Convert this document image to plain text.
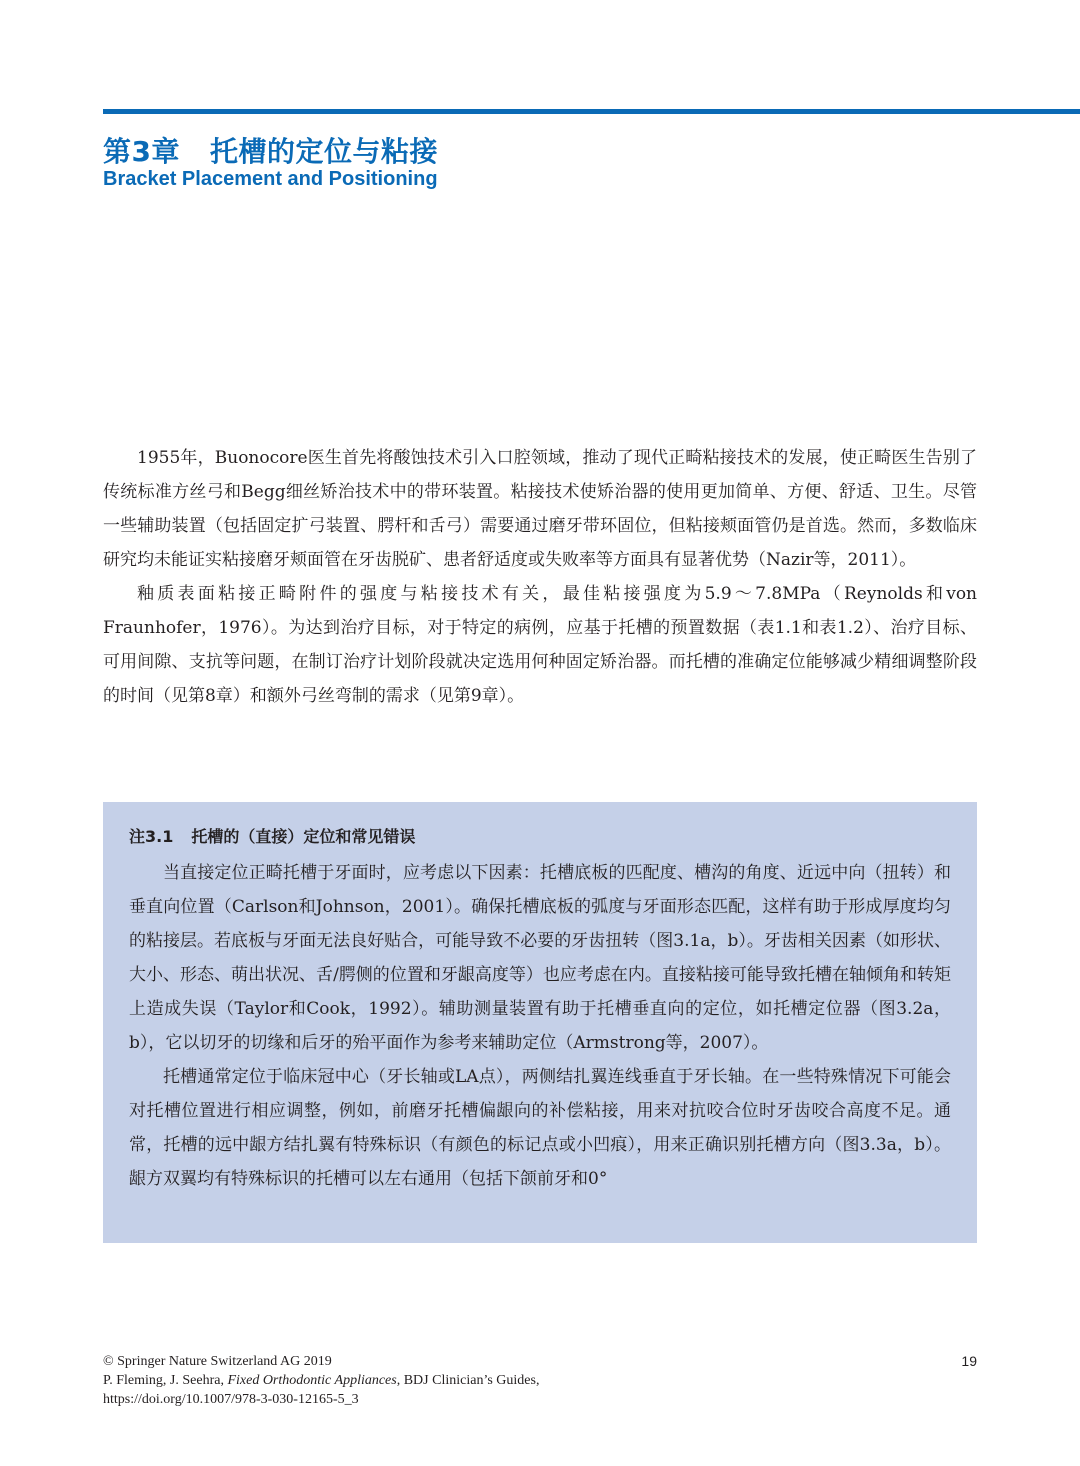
第3章 托槽的定位与粘接
Bracket Placement and Positioning

1955年，Buonocore医生首先将酸蚀技术引入口腔领域，推动了现代正畸粘接技术的发展，使正畸医生告别了传统标准方丝弓和Begg细丝矫治技术中的带环装置。粘接技术使矫治器的使用更加简单、方便、舒适、卫生。尽管一些辅助装置（包括固定扩弓装置、腭杆和舌弓）需要通过磨牙带环固位，但粘接颊面管仍是首选。然而，多数临床研究均未能证实粘接磨牙颊面管在牙齿脱矿、患者舒适度或失败率等方面具有显著优势（Nazir等，2011）。

釉质表面粘接正畸附件的强度与粘接技术有关，最佳粘接强度为5.9～7.8MPa（Reynolds和von Fraunhofer，1976）。为达到治疗目标，对于特定的病例，应基于托槽的预置数据（表1.1和表1.2）、治疗目标、可用间隙、支抗等问题，在制订治疗计划阶段就决定选用何种固定矫治器。而托槽的准确定位能够减少精细调整阶段的时间（见第8章）和额外弓丝弯制的需求（见第9章）。

注3.1 托槽的（直接）定位和常见错误

当直接定位正畸托槽于牙面时，应考虑以下因素：托槽底板的匹配度、槽沟的角度、近远中向（扭转）和垂直向位置（Carlson和Johnson，2001）。确保托槽底板的弧度与牙面形态匹配，这样有助于形成厚度均匀的粘接层。若底板与牙面无法良好贴合，可能导致不必要的牙齿扭转（图3.1a，b）。牙齿相关因素（如形状、大小、形态、萌出状况、舌/腭侧的位置和牙龈高度等）也应考虑在内。直接粘接可能导致托槽在轴倾角和转矩上造成失误（Taylor和Cook，1992）。辅助测量装置有助于托槽垂直向的定位，如托槽定位器（图3.2a，b），它以切牙的切缘和后牙的殆平面作为参考来辅助定位（Armstrong等，2007）。

托槽通常定位于临床冠中心（牙长轴或LA点），两侧结扎翼连线垂直于牙长轴。在一些特殊情况下可能会对托槽位置进行相应调整，例如，前磨牙托槽偏龈向的补偿粘接，用来对抗咬合位时牙齿咬合高度不足。通常，托槽的远中龈方结扎翼有特殊标识（有颜色的标记点或小凹痕），用来正确识别托槽方向（图3.3a，b）。龈方双翼均有特殊标识的托槽可以左右通用（包括下颌前牙和0°

© Springer Nature Switzerland AG 2019
P. Fleming, J. Seehra, Fixed Orthodontic Appliances, BDJ Clinician’s Guides,
https://doi.org/10.1007/978-3-030-12165-5_3
19
